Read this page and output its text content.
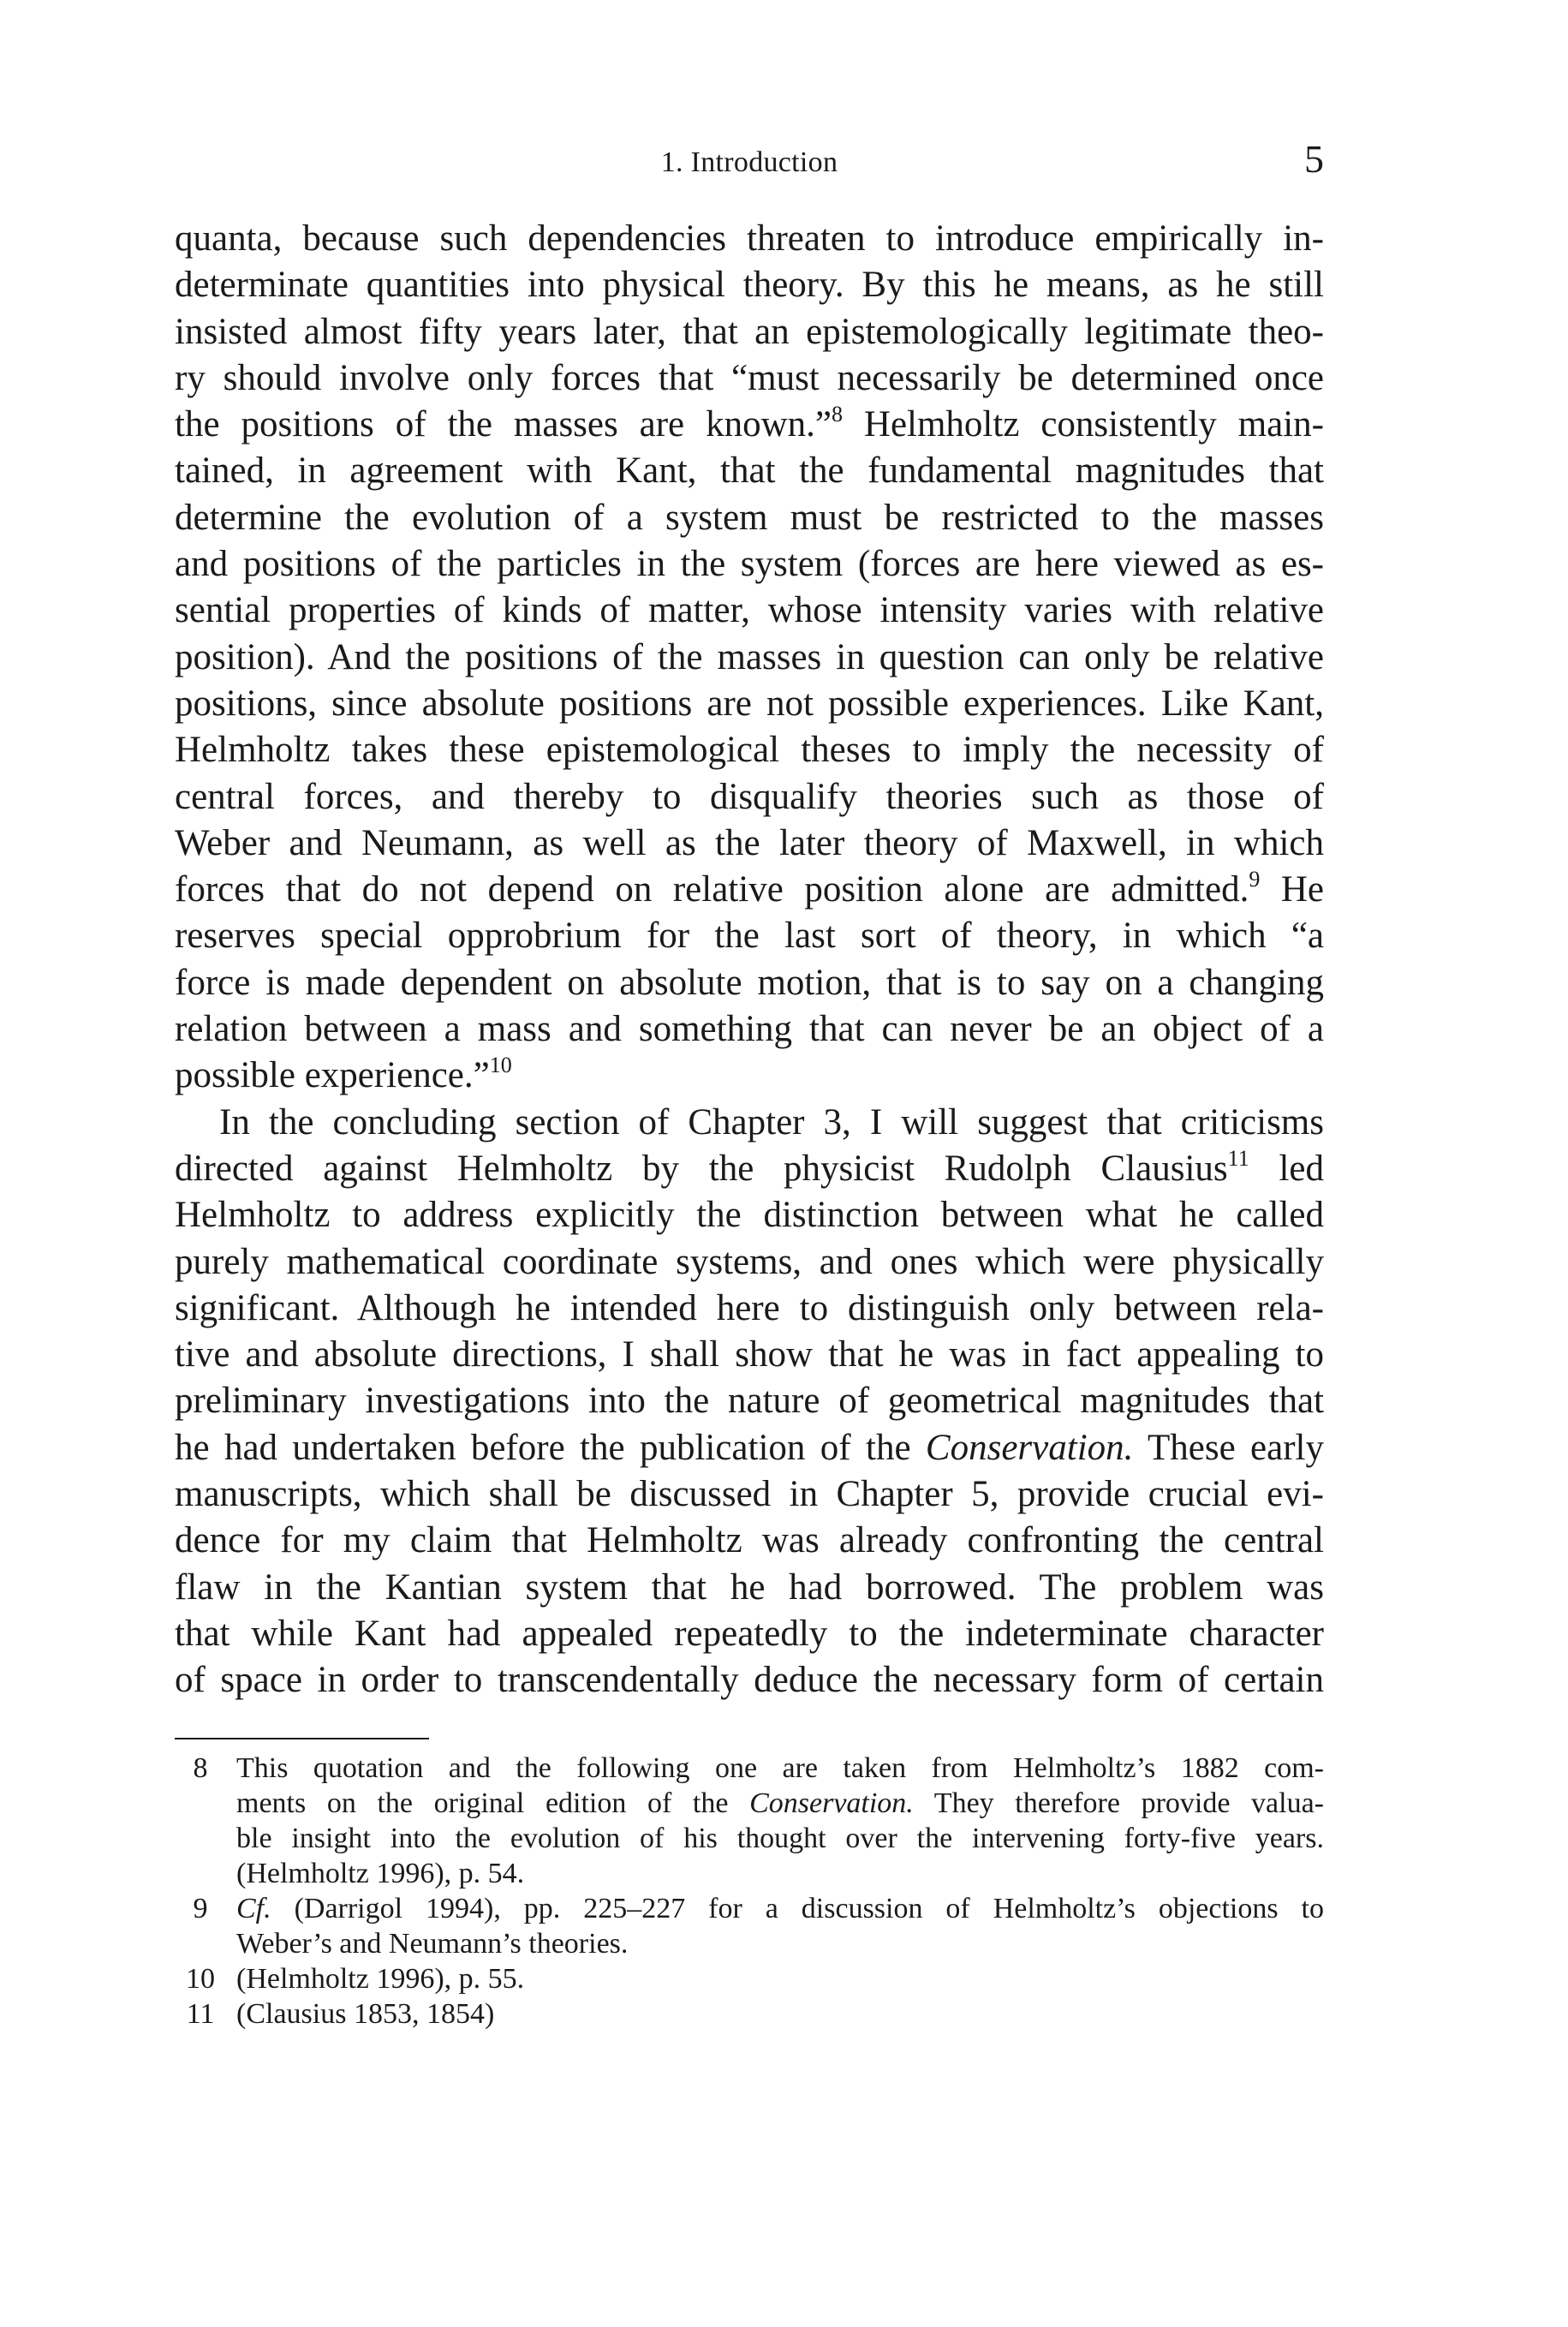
1. Introduction	5
quanta, because such dependencies threaten to introduce empirically in-
determinate quantities into physical theory. By this he means, as he still
insisted almost fifty years later, that an epistemologically legitimate theo-
ry should involve only forces that “must necessarily be determined once
the positions of the masses are known.”$^8$ Helmholtz consistently main-
tained, in agreement with Kant, that the fundamental magnitudes that
determine the evolution of a system must be restricted to the masses
and positions of the particles in the system (forces are here viewed as es-
sential properties of kinds of matter, whose intensity varies with relative
position). And the positions of the masses in question can only be relative
positions, since absolute positions are not possible experiences. Like Kant,
Helmholtz takes these epistemological theses to imply the necessity of
central forces, and thereby to disqualify theories such as those of
Weber and Neumann, as well as the later theory of Maxwell, in which
forces that do not depend on relative position alone are admitted.$^9$ He
reserves special opprobrium for the last sort of theory, in which “a
force is made dependent on absolute motion, that is to say on a changing
relation between a mass and something that can never be an object of a
possible experience.”$^{10}$
In the concluding section of Chapter 3, I will suggest that criticisms
directed against Helmholtz by the physicist Rudolph Clausius$^{11}$ led
Helmholtz to address explicitly the distinction between what he called
purely mathematical coordinate systems, and ones which were physically
significant. Although he intended here to distinguish only between rela-
tive and absolute directions, I shall show that he was in fact appealing to
preliminary investigations into the nature of geometrical magnitudes that
he had undertaken before the publication of the Conservation. These early
manuscripts, which shall be discussed in Chapter 5, provide crucial evi-
dence for my claim that Helmholtz was already confronting the central
flaw in the Kantian system that he had borrowed. The problem was
that while Kant had appealed repeatedly to the indeterminate character
of space in order to transcendentally deduce the necessary form of certain
8 This quotation and the following one are taken from Helmholtz’s 1882 com-
ments on the original edition of the Conservation. They therefore provide valua-
ble insight into the evolution of his thought over the intervening forty-five years.
(Helmholtz 1996), p. 54.
9 Cf. (Darrigol 1994), pp. 225–227 for a discussion of Helmholtz’s objections to
Weber’s and Neumann’s theories.
10 (Helmholtz 1996), p. 55.
11 (Clausius 1853, 1854)
